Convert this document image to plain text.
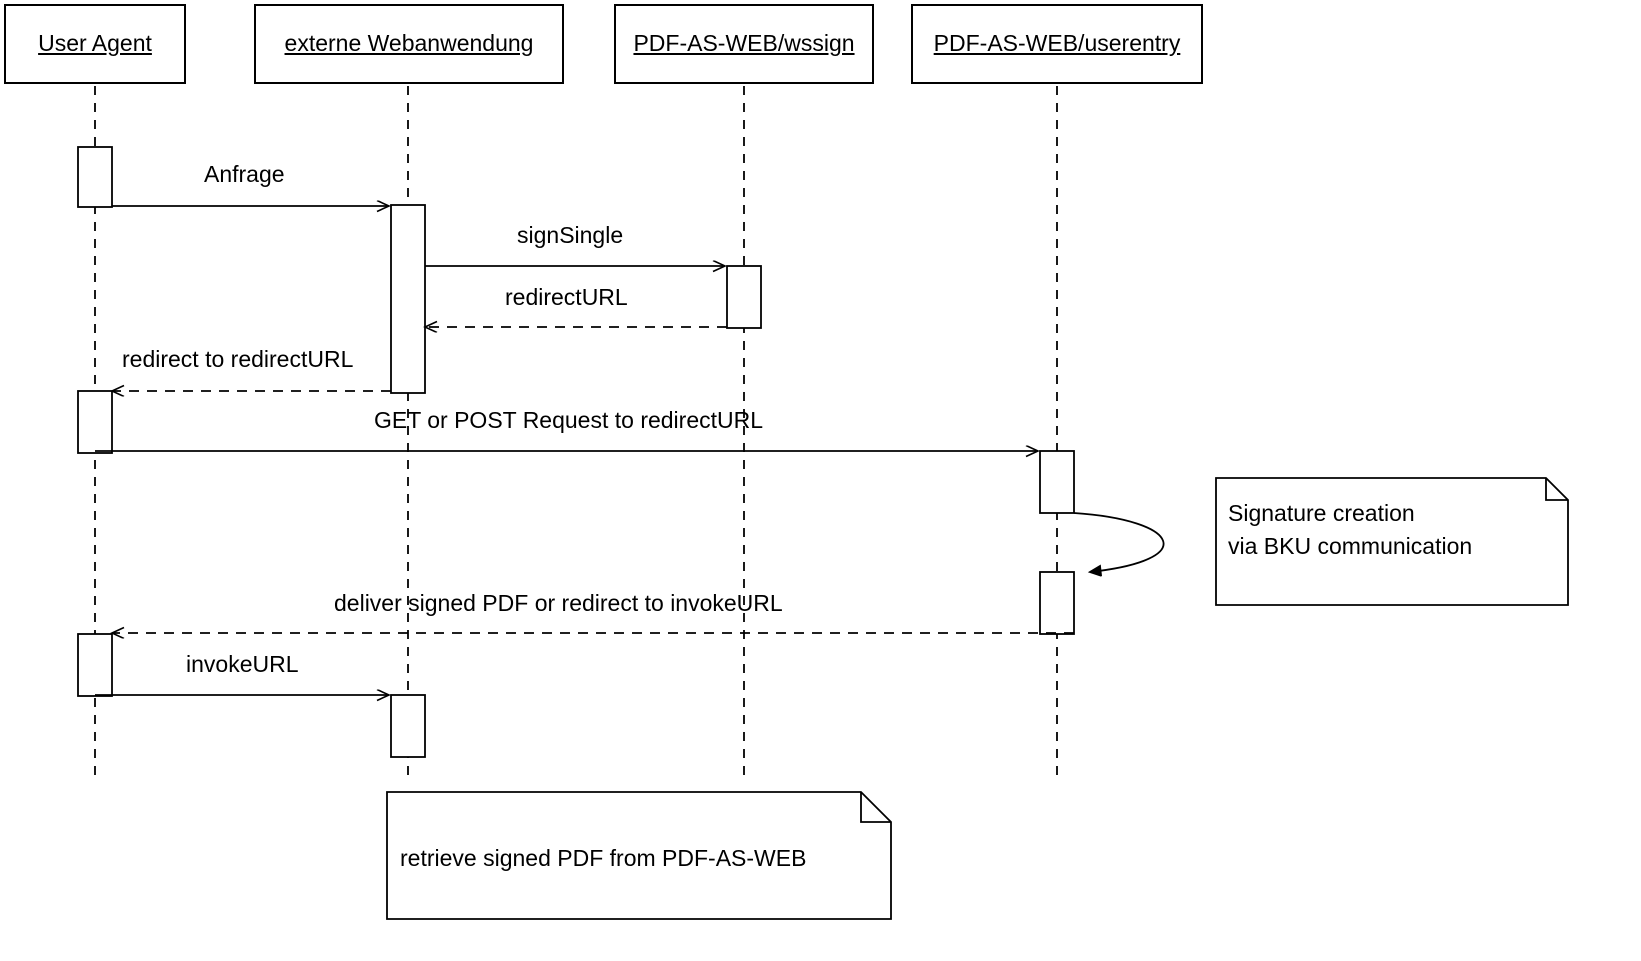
User Agent	externe Webanwendung	PDF-AS-WEB/wssign	PDF-AS-WEB/userentry
Anfrage
signSingle
redirectURL
redirect to redirectURL
GET or POST Request to redirectURL
deliver signed PDF or redirect to invokeURL
invokeURL
Signature creation
via BKU communication
retrieve signed PDF from PDF-AS-WEB
